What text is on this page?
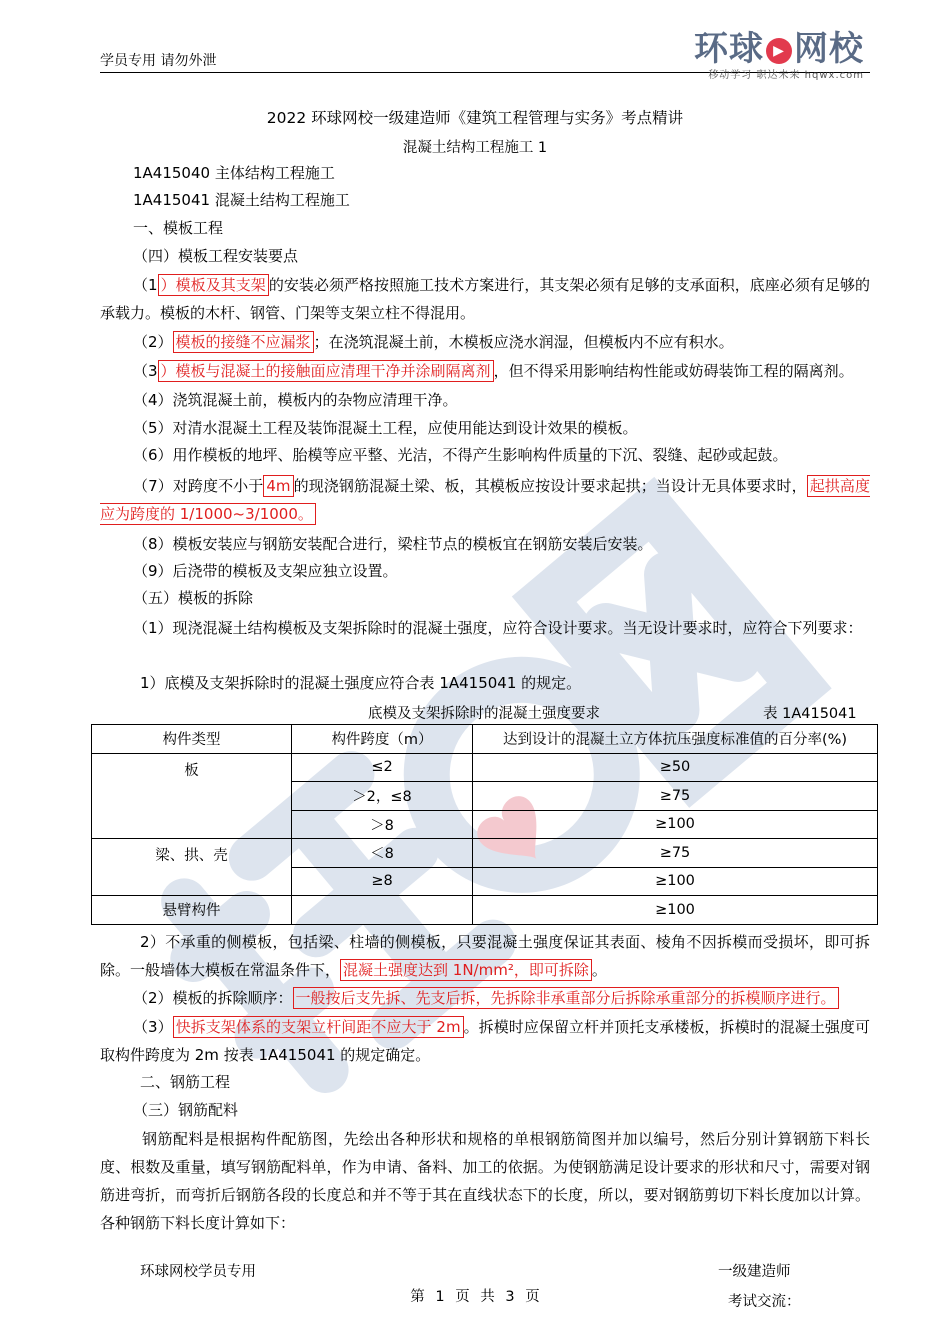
学员专用 请勿外泄	环球 ▶ 网校
移动学习 职达未来 hqwx.com
2022 环球网校一级建造师《建筑工程管理与实务》考点精讲
混凝土结构工程施工 1
1A415040 主体结构工程施工
1A415041 混凝土结构工程施工
一、模板工程
（四）模板工程安装要点
（1 ）模板及其支架 的安装必须严格按照施工技术方案进行，其支架必须有足够的支承面积，底座必须有足够的承载力。模板的木杆、钢管、门架等支架立柱不得混用。
（2） 模板的接缝不应漏浆 ；在浇筑混凝土前，木模板应浇水润湿，但模板内不应有积水。
（3 ）模板与混凝土的接触面应清理干净并涂刷隔离剂 ，但不得采用影响结构性能或妨碍装饰工程的隔离剂。
（4）浇筑混凝土前，模板内的杂物应清理干净。
（5）对清水混凝土工程及装饰混凝土工程，应使用能达到设计效果的模板。
（6）用作模板的地坪、胎模等应平整、光洁，不得产生影响构件质量的下沉、裂缝、起砂或起鼓。
（7）对跨度不小于 4m 的现浇钢筋混凝土梁、板，其模板应按设计要求起拱；当设计无具体要求时， 起拱高度应为跨度的 1/1000~3/1000。
（8）模板安装应与钢筋安装配合进行，梁柱节点的模板宜在钢筋安装后安装。
（9）后浇带的模板及支架应独立设置。
（五）模板的拆除
（1）现浇混凝土结构模板及支架拆除时的混凝土强度，应符合设计要求。当无设计要求时，应符合下列要求：
1）底模及支架拆除时的混凝土强度应符合表 1A415041 的规定。
底模及支架拆除时的混凝土强度要求	表 1A415041
构件类型	构件跨度（m）	达到设计的混凝土立方体抗压强度标准值的百分率(%)
板	≤2	≥50
	＞2，≤8	≥75
	＞8	≥100
梁、拱、壳	＜8	≥75
	≥8	≥100
悬臂构件		≥100
2）不承重的侧模板，包括梁、柱墙的侧模板，只要混凝土强度保证其表面、棱角不因拆模而受损坏，即可拆除。一般墙体大模板在常温条件下， 混凝土强度达到 1N/mm²，即可拆除 。
（2）模板的拆除顺序： 一般按后支先拆、先支后拆，先拆除非承重部分后拆除承重部分的拆模顺序进行。
（3） 快拆支架体系的支架立杆间距不应大于 2m 。拆模时应保留立杆并顶托支承楼板，拆模时的混凝土强度可取构件跨度为 2m 按表 1A415041 的规定确定。
二、钢筋工程
（三）钢筋配料
钢筋配料是根据构件配筋图，先绘出各种形状和规格的单根钢筋简图并加以编号，然后分别计算钢筋下料长度、根数及重量，填写钢筋配料单，作为申请、备料、加工的依据。为使钢筋满足设计要求的形状和尺寸，需要对钢筋进弯折，而弯折后钢筋各段的长度总和并不等于其在直线状态下的长度，所以，要对钢筋剪切下料长度加以计算。各种钢筋下料长度计算如下：
环球网校学员专用	一级建造师
考试交流：
第 1 页 共 3 页
